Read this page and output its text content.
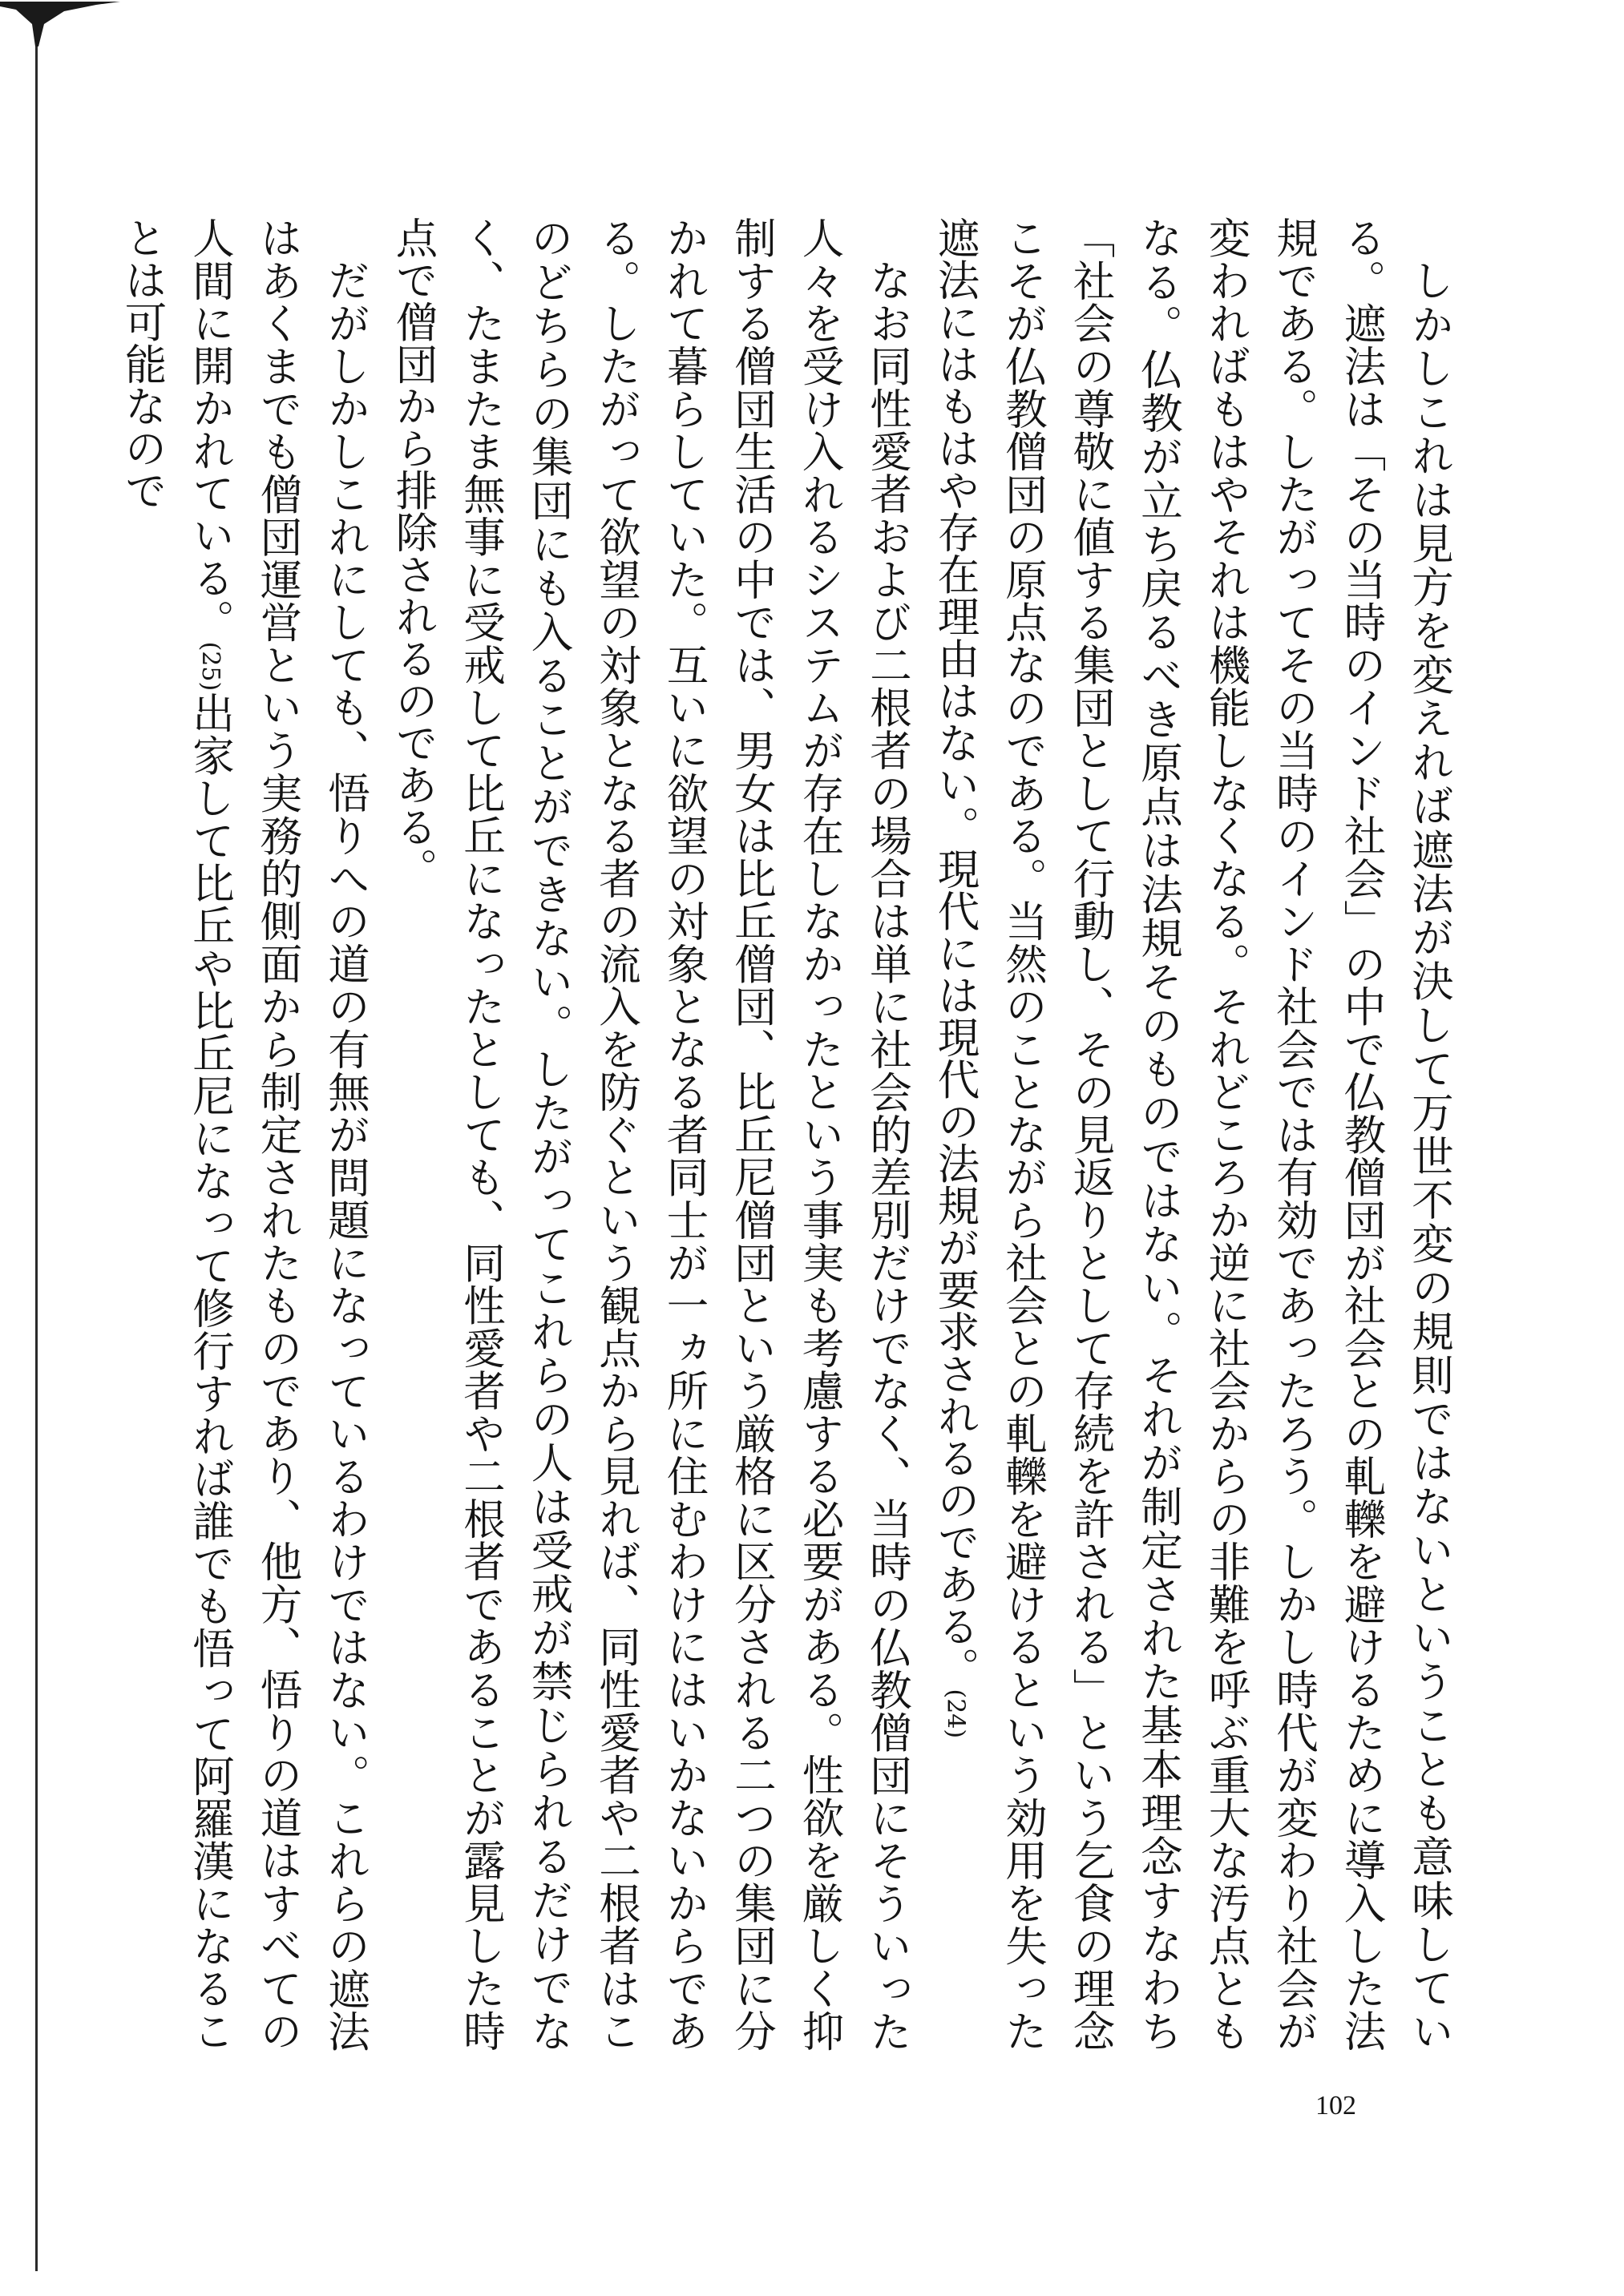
しかしこれは見方を変えれば遮法が決して万世不変の規則ではないということも意味している。遮法は「その当時のインド社会」の中で仏教僧団が社会との軋轢を避けるために導入した法規である。したがってその当時のインド社会では有効であったろう。しかし時代が変わり社会が変わればもはやそれは機能しなくなる。それどころか逆に社会からの非難を呼ぶ重大な汚点ともなる。仏教が立ち戻るべき原点は法規そのものではない。それが制定された基本理念すなわち「社会の尊敬に値する集団として行動し、その見返りとして存続を許される」という乞食の理念こそが仏教僧団の原点なのである。当然のことながら社会との軋轢を避けるという効用を失った遮法にはもはや存在理由はない。現代には現代の法規が要求されるのである。(24)

なお同性愛者および二根者の場合は単に社会的差別だけでなく、当時の仏教僧団にそういった人々を受け入れるシステムが存在しなかったという事実も考慮する必要がある。性欲を厳しく抑制する僧団生活の中では、男女は比丘僧団、比丘尼僧団という厳格に区分される二つの集団に分かれて暮らしていた。互いに欲望の対象となる者同士が一ヵ所に住むわけにはいかないからである。したがって欲望の対象となる者の流入を防ぐという観点から見れば、同性愛者や二根者はこのどちらの集団にも入ることができない。したがってこれらの人は受戒が禁じられるだけでなく、たまたま無事に受戒して比丘になったとしても、同性愛者や二根者であることが露見した時点で僧団から排除されるのである。

だがしかしこれにしても、悟りへの道の有無が問題になっているわけではない。これらの遮法はあくまでも僧団運営という実務的側面から制定されたものであり、他方、悟りの道はすべての人間に開かれている。(25)出家して比丘や比丘尼になって修行すれば誰でも悟って阿羅漢になることは可能なので

102
